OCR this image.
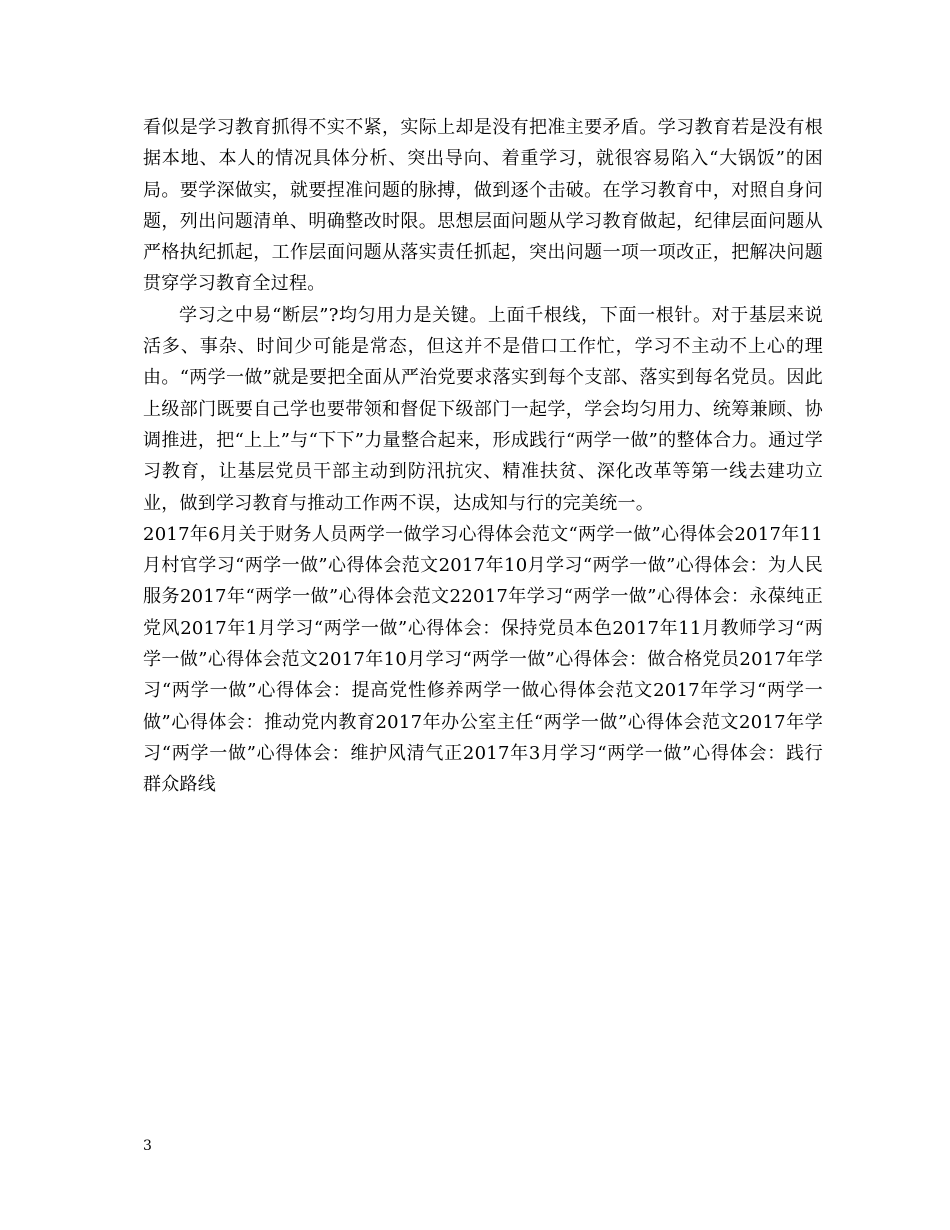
看似是学习教育抓得不实不紧，实际上却是没有把准主要矛盾。学习教育若是没有根据本地、本人的情况具体分析、突出导向、着重学习，就很容易陷入“大锅饭”的困局。要学深做实，就要捏准问题的脉搏，做到逐个击破。在学习教育中，对照自身问题，列出问题清单、明确整改时限。思想层面问题从学习教育做起，纪律层面问题从严格执纪抓起，工作层面问题从落实责任抓起，突出问题一项一项改正，把解决问题贯穿学习教育全过程。

学习之中易“断层”?均匀用力是关键。上面千根线，下面一根针。对于基层来说活多、事杂、时间少可能是常态，但这并不是借口工作忙，学习不主动不上心的理由。“两学一做”就是要把全面从严治党要求落实到每个支部、落实到每名党员。因此上级部门既要自己学也要带领和督促下级部门一起学，学会均匀用力、统筹兼顾、协调推进，把“上上”与“下下”力量整合起来，形成践行“两学一做”的整体合力。通过学习教育，让基层党员干部主动到防汛抗灾、精准扶贫、深化改革等第一线去建功立业，做到学习教育与推动工作两不误，达成知与行的完美统一。

2017年6月关于财务人员两学一做学习心得体会范文“两学一做”心得体会2017年11月村官学习“两学一做”心得体会范文2017年10月学习“两学一做”心得体会：为人民服务2017年“两学一做”心得体会范文22017年学习“两学一做”心得体会：永葆纯正党风2017年1月学习“两学一做”心得体会：保持党员本色2017年11月教师学习“两学一做”心得体会范文2017年10月学习“两学一做”心得体会：做合格党员2017年学习“两学一做”心得体会：提高党性修养两学一做心得体会范文2017年学习“两学一做”心得体会：推动党内教育2017年办公室主任“两学一做”心得体会范文2017年学习“两学一做”心得体会：维护风清气正2017年3月学习“两学一做”心得体会：践行群众路线

3
